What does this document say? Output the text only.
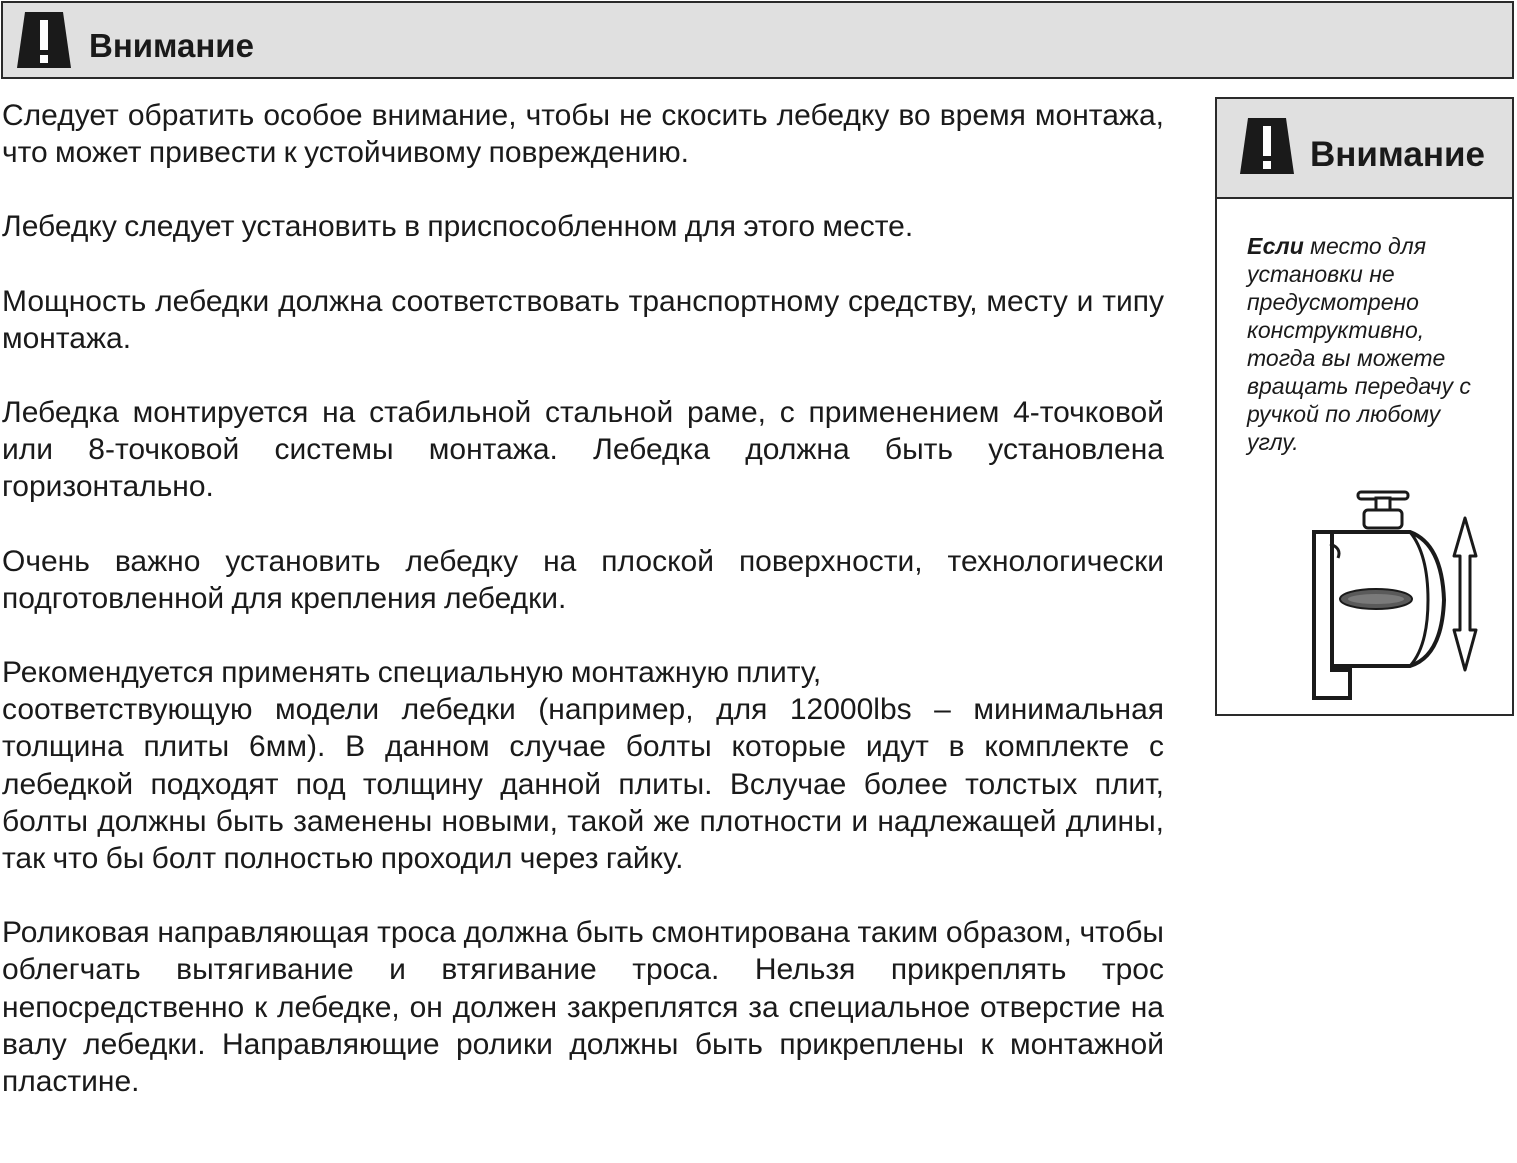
Внимание

Следует обратить особое внимание, чтобы не скосить лебедку во время монтажа, что может привести к устойчивому повреждению.

Лебедку следует установить в приспособленном для этого месте.

Мощность лебедки должна соответствовать транспортному средству, месту и типу монтажа.

Лебедка монтируется на стабильной стальной раме, с применением 4-точковой или 8-точковой системы монтажа. Лебедка должна быть установлена горизонтально.

Очень важно установить лебедку на плоской поверхности, технологически подготовленной для крепления лебедки.

Рекомендуется применять специальную монтажную плиту,

соответствующую модели лебедки (например, для 12000lbs – минимальная толщина плиты 6мм). В данном случае болты которые идут в комплекте с лебедкой подходят под толщину данной плиты. Вслучае более толстых плит, болты должны быть заменены новыми, такой же плотности и надлежащей длины, так что бы болт полностью проходил через гайку.

Роликовая направляющая троса должна быть смонтирована таким образом, чтобы облегчать вытягивание и втягивание троса. Нельзя прикреплять трос непосредственно к лебедке, он должен закреплятся за специальное отверстие на валу лебедки. Направляющие ролики должны быть прикреплены к монтажной пластине.

Внимание
Если место для установки не предусмотрено конструктивно, тогда вы можете вращать передачу с ручкой по любому углу.
